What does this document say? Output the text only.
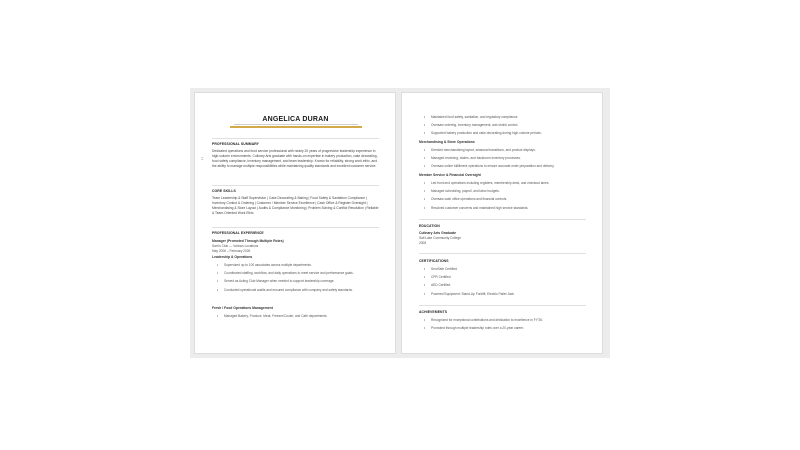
⌶
ANGELICA DURAN
PROFESSIONAL SUMMARY
Dedicated operations and food service professional with nearly 20 years of progressive leadership experience in high-volume environments. Culinary Arts graduate with hands-on expertise in bakery production, cake decorating, food safety compliance, inventory management, and team leadership. Known for reliability, strong work ethic, and the ability to manage multiple responsibilities while maintaining quality standards and excellent customer service.
CORE SKILLS
Team Leadership & Staff Supervision | Cake Decorating & Baking | Food Safety & Sanitation Compliance | Inventory Control & Ordering | Customer / Member Service Excellence | Cash Office & Register Oversight | Merchandising & Store Layout | Audits & Compliance Monitoring | Problem Solving & Conflict Resolution | Reliable & Team-Oriented Work Ethic
PROFESSIONAL EXPERIENCE
Manager (Promoted Through Multiple Roles)
Sam's Club — Various Locations
May 2006 – February 2026
Leadership & Operations
• Supervised up to 100 associates across multiple departments.
• Coordinated staffing, workflow, and daily operations to meet service and performance goals.
• Served as Acting Club Manager when needed to support leadership coverage.
• Conducted operational audits and ensured compliance with company and safety standards.
Fresh / Food Operations Management
• Managed Bakery, Produce, Meat, Freezer/Cooler, and Café departments.
• Maintained food safety, sanitation, and regulatory compliance.
• Oversaw ordering, inventory management, and shrink control.
• Supported bakery production and cake decorating during high-volume periods.
Merchandising & Store Operations
• Directed merchandising layout, seasonal transitions, and product displays.
• Managed receiving, claims, and backroom inventory processes.
• Oversaw online fulfillment operations to ensure accurate order preparation and delivery.
Member Service & Financial Oversight
• Led front-end operations including registers, membership desk, and checkout lanes.
• Managed scheduling, payroll, and labor budgets.
• Oversaw cash office operations and financial controls.
• Resolved customer concerns and maintained high service standards.
EDUCATION
Culinary Arts Graduate
Salt Lake Community College
2008
CERTIFICATIONS
• ServSafe Certified
• CPR Certified
• AED Certified
• Powered Equipment: Stand-Up Forklift, Electric Pallet Jack
ACHIEVEMENTS
• Recognized for exceptional contributions and dedication to excellence in FY'26.
• Promoted through multiple leadership roles over a 20-year career.
